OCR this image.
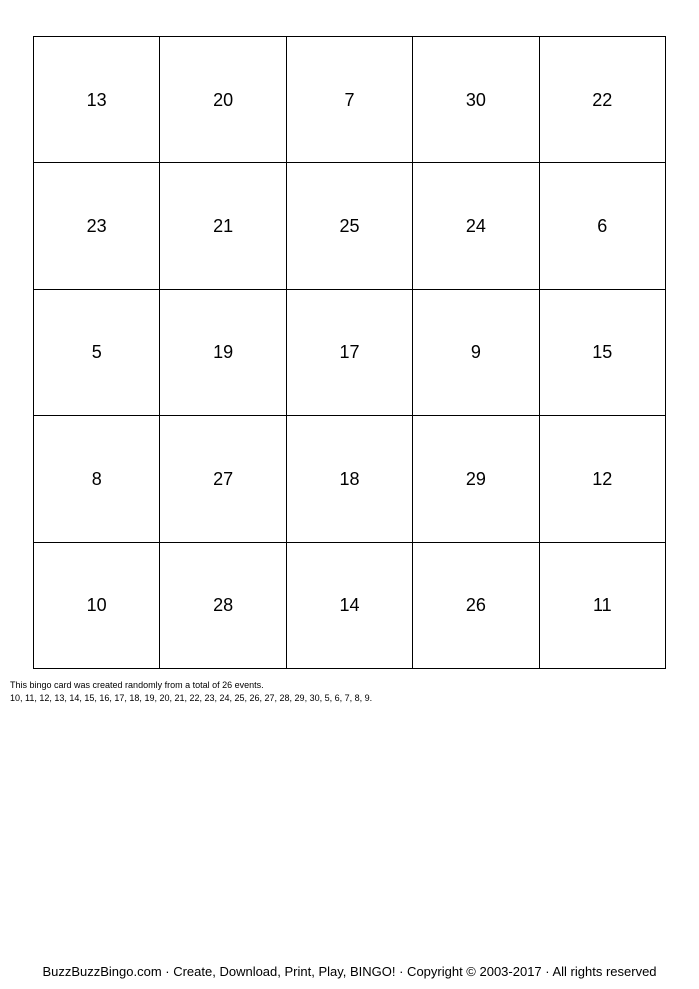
13	20	7	30	22
23	21	25	24	6
5	19	17	9	15
8	27	18	29	12
10	28	14	26	11
This bingo card was created randomly from a total of 26 events.
10, 11, 12, 13, 14, 15, 16, 17, 18, 19, 20, 21, 22, 23, 24, 25, 26, 27, 28, 29, 30, 5, 6, 7, 8, 9.
BuzzBuzzBingo.com · Create, Download, Print, Play, BINGO! · Copyright © 2003-2017 · All rights reserved
